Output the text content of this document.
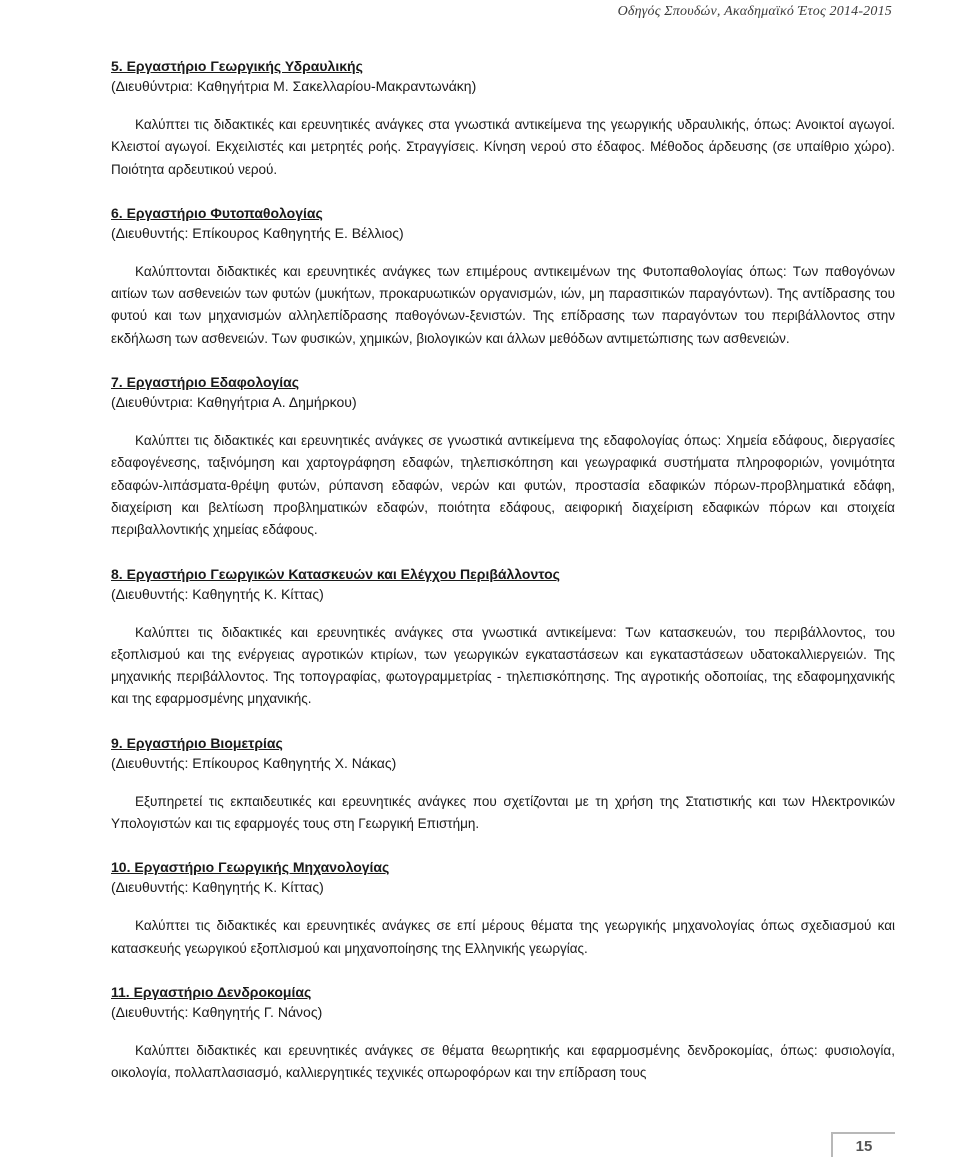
Οδηγός Σπουδών, Ακαδημαϊκό Έτος 2014-2015

5. Εργαστήριο Γεωργικής Υδραυλικής

(Διευθύντρια: Καθηγήτρια Μ. Σακελλαρίου-Μακραντωνάκη)

Καλύπτει τις διδακτικές και ερευνητικές ανάγκες στα γνωστικά αντικείμενα της γεωργικής υδραυλικής, όπως: Ανοικτοί αγωγοί. Κλειστοί αγωγοί. Εκχειλιστές και μετρητές ροής. Στραγγίσεις. Κίνηση νερού στο έδαφος. Μέθοδος άρδευσης (σε υπαίθριο χώρο). Ποιότητα αρδευτικού νερού.

6. Εργαστήριο Φυτοπαθολογίας

(Διευθυντής: Επίκουρος Καθηγητής Ε. Βέλλιος)

Καλύπτονται διδακτικές και ερευνητικές ανάγκες των επιμέρους αντικειμένων της Φυτοπαθολογίας όπως: Των παθογόνων αιτίων των ασθενειών των φυτών (μυκήτων, προκαρυωτικών οργανισμών, ιών, μη παρασιτικών παραγόντων). Της αντίδρασης του φυτού και των μηχανισμών αλληλεπίδρασης παθογόνων-ξενιστών. Της επίδρασης των παραγόντων του περιβάλλοντος στην εκδήλωση των ασθενειών. Των φυσικών, χημικών, βιολογικών και άλλων μεθόδων αντιμετώπισης των ασθενειών.

7. Εργαστήριο Εδαφολογίας

(Διευθύντρια: Καθηγήτρια Α. Δημήρκου)

Καλύπτει τις διδακτικές και ερευνητικές ανάγκες σε γνωστικά αντικείμενα της εδαφολογίας όπως: Χημεία εδάφους, διεργασίες εδαφογένεσης, ταξινόμηση και χαρτογράφηση εδαφών, τηλεπισκόπηση και γεωγραφικά συστήματα πληροφοριών, γονιμότητα εδαφών-λιπάσματα-θρέψη φυτών, ρύπανση εδαφών, νερών και φυτών, προστασία εδαφικών πόρων-προβληματικά εδάφη, διαχείριση και βελτίωση προβληματικών εδαφών, ποιότητα εδάφους, αειφορική διαχείριση εδαφικών πόρων και στοιχεία περιβαλλοντικής χημείας εδάφους.

8. Εργαστήριο Γεωργικών Κατασκευών και Ελέγχου Περιβάλλοντος

(Διευθυντής: Καθηγητής Κ. Κίττας)

Καλύπτει τις διδακτικές και ερευνητικές ανάγκες στα γνωστικά αντικείμενα: Των κατασκευών, του περιβάλλοντος, του εξοπλισμού και της ενέργειας αγροτικών κτιρίων, των γεωργικών εγκαταστάσεων και εγκαταστάσεων υδατοκαλλιεργειών. Της μηχανικής περιβάλλοντος. Της τοπογραφίας, φωτογραμμετρίας - τηλεπισκόπησης. Της αγροτικής οδοποιίας, της εδαφομηχανικής και της εφαρμοσμένης μηχανικής.

9. Εργαστήριο Βιομετρίας

(Διευθυντής: Επίκουρος Καθηγητής Χ. Νάκας)

Εξυπηρετεί τις εκπαιδευτικές και ερευνητικές ανάγκες που σχετίζονται με τη χρήση της Στατιστικής και των Ηλεκτρονικών Υπολογιστών και τις εφαρμογές τους στη Γεωργική Επιστήμη.

10. Εργαστήριο Γεωργικής Μηχανολογίας

(Διευθυντής: Καθηγητής Κ. Κίττας)

Καλύπτει τις διδακτικές και ερευνητικές ανάγκες σε επί μέρους θέματα της γεωργικής μηχανολογίας όπως σχεδιασμού και κατασκευής γεωργικού εξοπλισμού και μηχανοποίησης της Ελληνικής γεωργίας.

11. Εργαστήριο Δενδροκομίας

(Διευθυντής: Καθηγητής Γ. Νάνος)

Καλύπτει διδακτικές και ερευνητικές ανάγκες σε θέματα θεωρητικής και εφαρμοσμένης δενδροκομίας, όπως: φυσιολογία, οικολογία, πολλαπλασιασμό, καλλιεργητικές τεχνικές οπωροφόρων και την επίδραση τους

15
